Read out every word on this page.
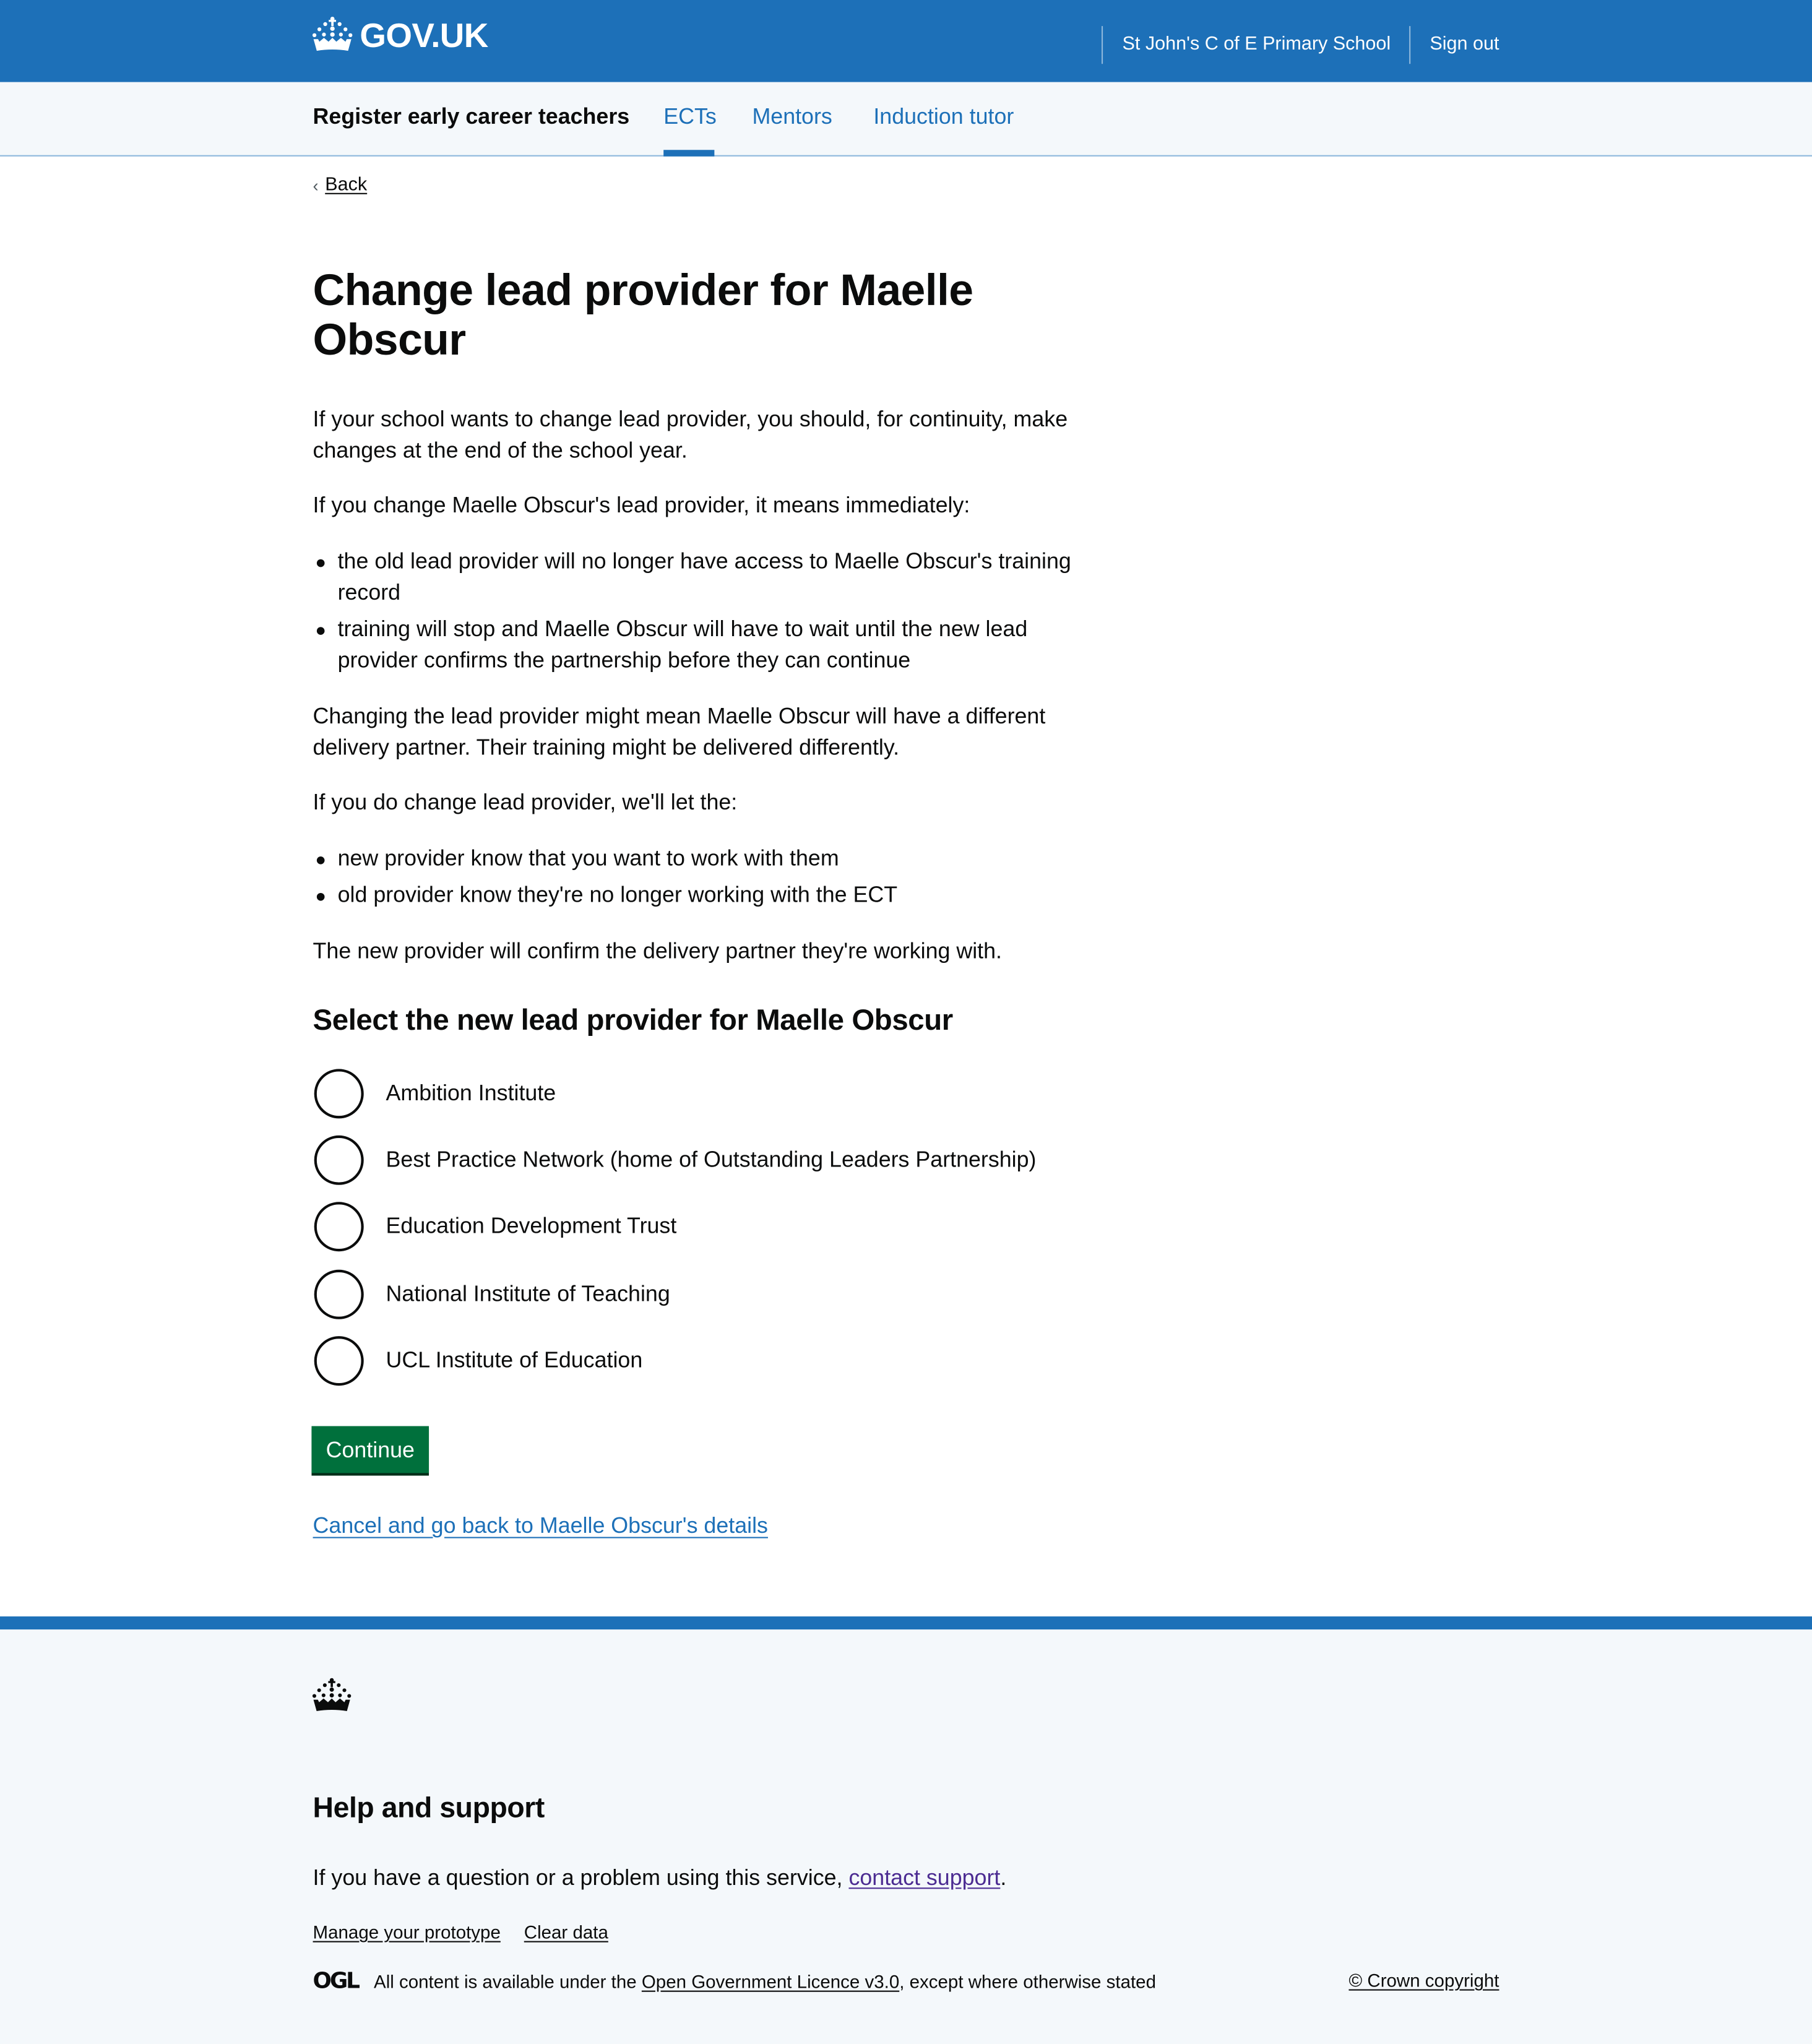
GOV.UK	St John's C of E Primary School	Sign out
Register early career teachers	ECTs	Mentors	Induction tutor
‹ Back
Change lead provider for Maelle Obscur

If your school wants to change lead provider, you should, for continuity, make changes at the end of the school year.

If you change Maelle Obscur's lead provider, it means immediately:

the old lead provider will no longer have access to Maelle Obscur's training record
training will stop and Maelle Obscur will have to wait until the new lead provider confirms the partnership before they can continue

Changing the lead provider might mean Maelle Obscur will have a different delivery partner. Their training might be delivered differently.

If you do change lead provider, we'll let the:

new provider know that you want to work with them
old provider know they're no longer working with the ECT

The new provider will confirm the delivery partner they're working with.

Select the new lead provider for Maelle Obscur
Ambition Institute
Best Practice Network (home of Outstanding Leaders Partnership)
Education Development Trust
National Institute of Teaching
UCL Institute of Education
Continue
Cancel and go back to Maelle Obscur's details
Help and support

If you have a question or a problem using this service, contact support.

Manage your prototype	Clear data
OGL All content is available under the
Open Government Licence v3.0 , except where otherwise stated	© Crown copyright
